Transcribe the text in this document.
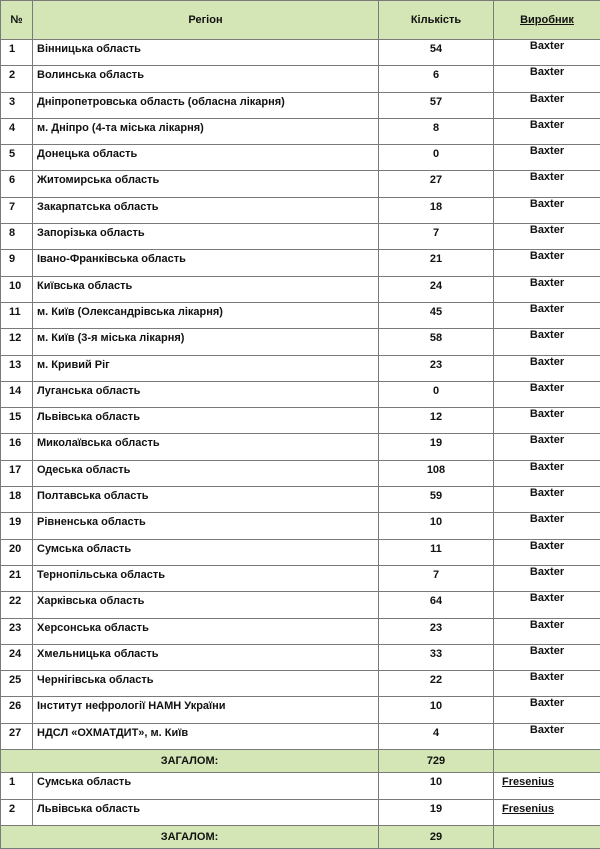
№	Регіон	Кількість	Виробник
1	Вінницька область	54	Baxter
2	Волинська область	6	Baxter
3	Дніпропетровська область (обласна лікарня)	57	Baxter
4	м. Дніпро (4-та міська лікарня)	8	Baxter
5	Донецька область	0	Baxter
6	Житомирська область	27	Baxter
7	Закарпатська область	18	Baxter
8	Запорізька область	7	Baxter
9	Івано-Франківська область	21	Baxter
10	Київська область	24	Baxter
11	м. Київ (Олександрівська лікарня)	45	Baxter
12	м. Київ (3-я міська лікарня)	58	Baxter
13	м. Кривий Ріг	23	Baxter
14	Луганська область	0	Baxter
15	Львівська область	12	Baxter
16	Миколаївська область	19	Baxter
17	Одеська область	108	Baxter
18	Полтавська область	59	Baxter
19	Рівненська область	10	Baxter
20	Сумська область	11	Baxter
21	Тернопільська область	7	Baxter
22	Харківська область	64	Baxter
23	Херсонська область	23	Baxter
24	Хмельницька область	33	Baxter
25	Чернігівська область	22	Baxter
26	Інститут нефрології НАМН України	10	Baxter
27	НДСЛ «ОХМАТДИТ», м. Київ	4	Baxter
ЗАГАЛОМ:		729	
1	Сумська область	10	Fresenius
2	Львівська область	19	Fresenius
ЗАГАЛОМ:		29	
